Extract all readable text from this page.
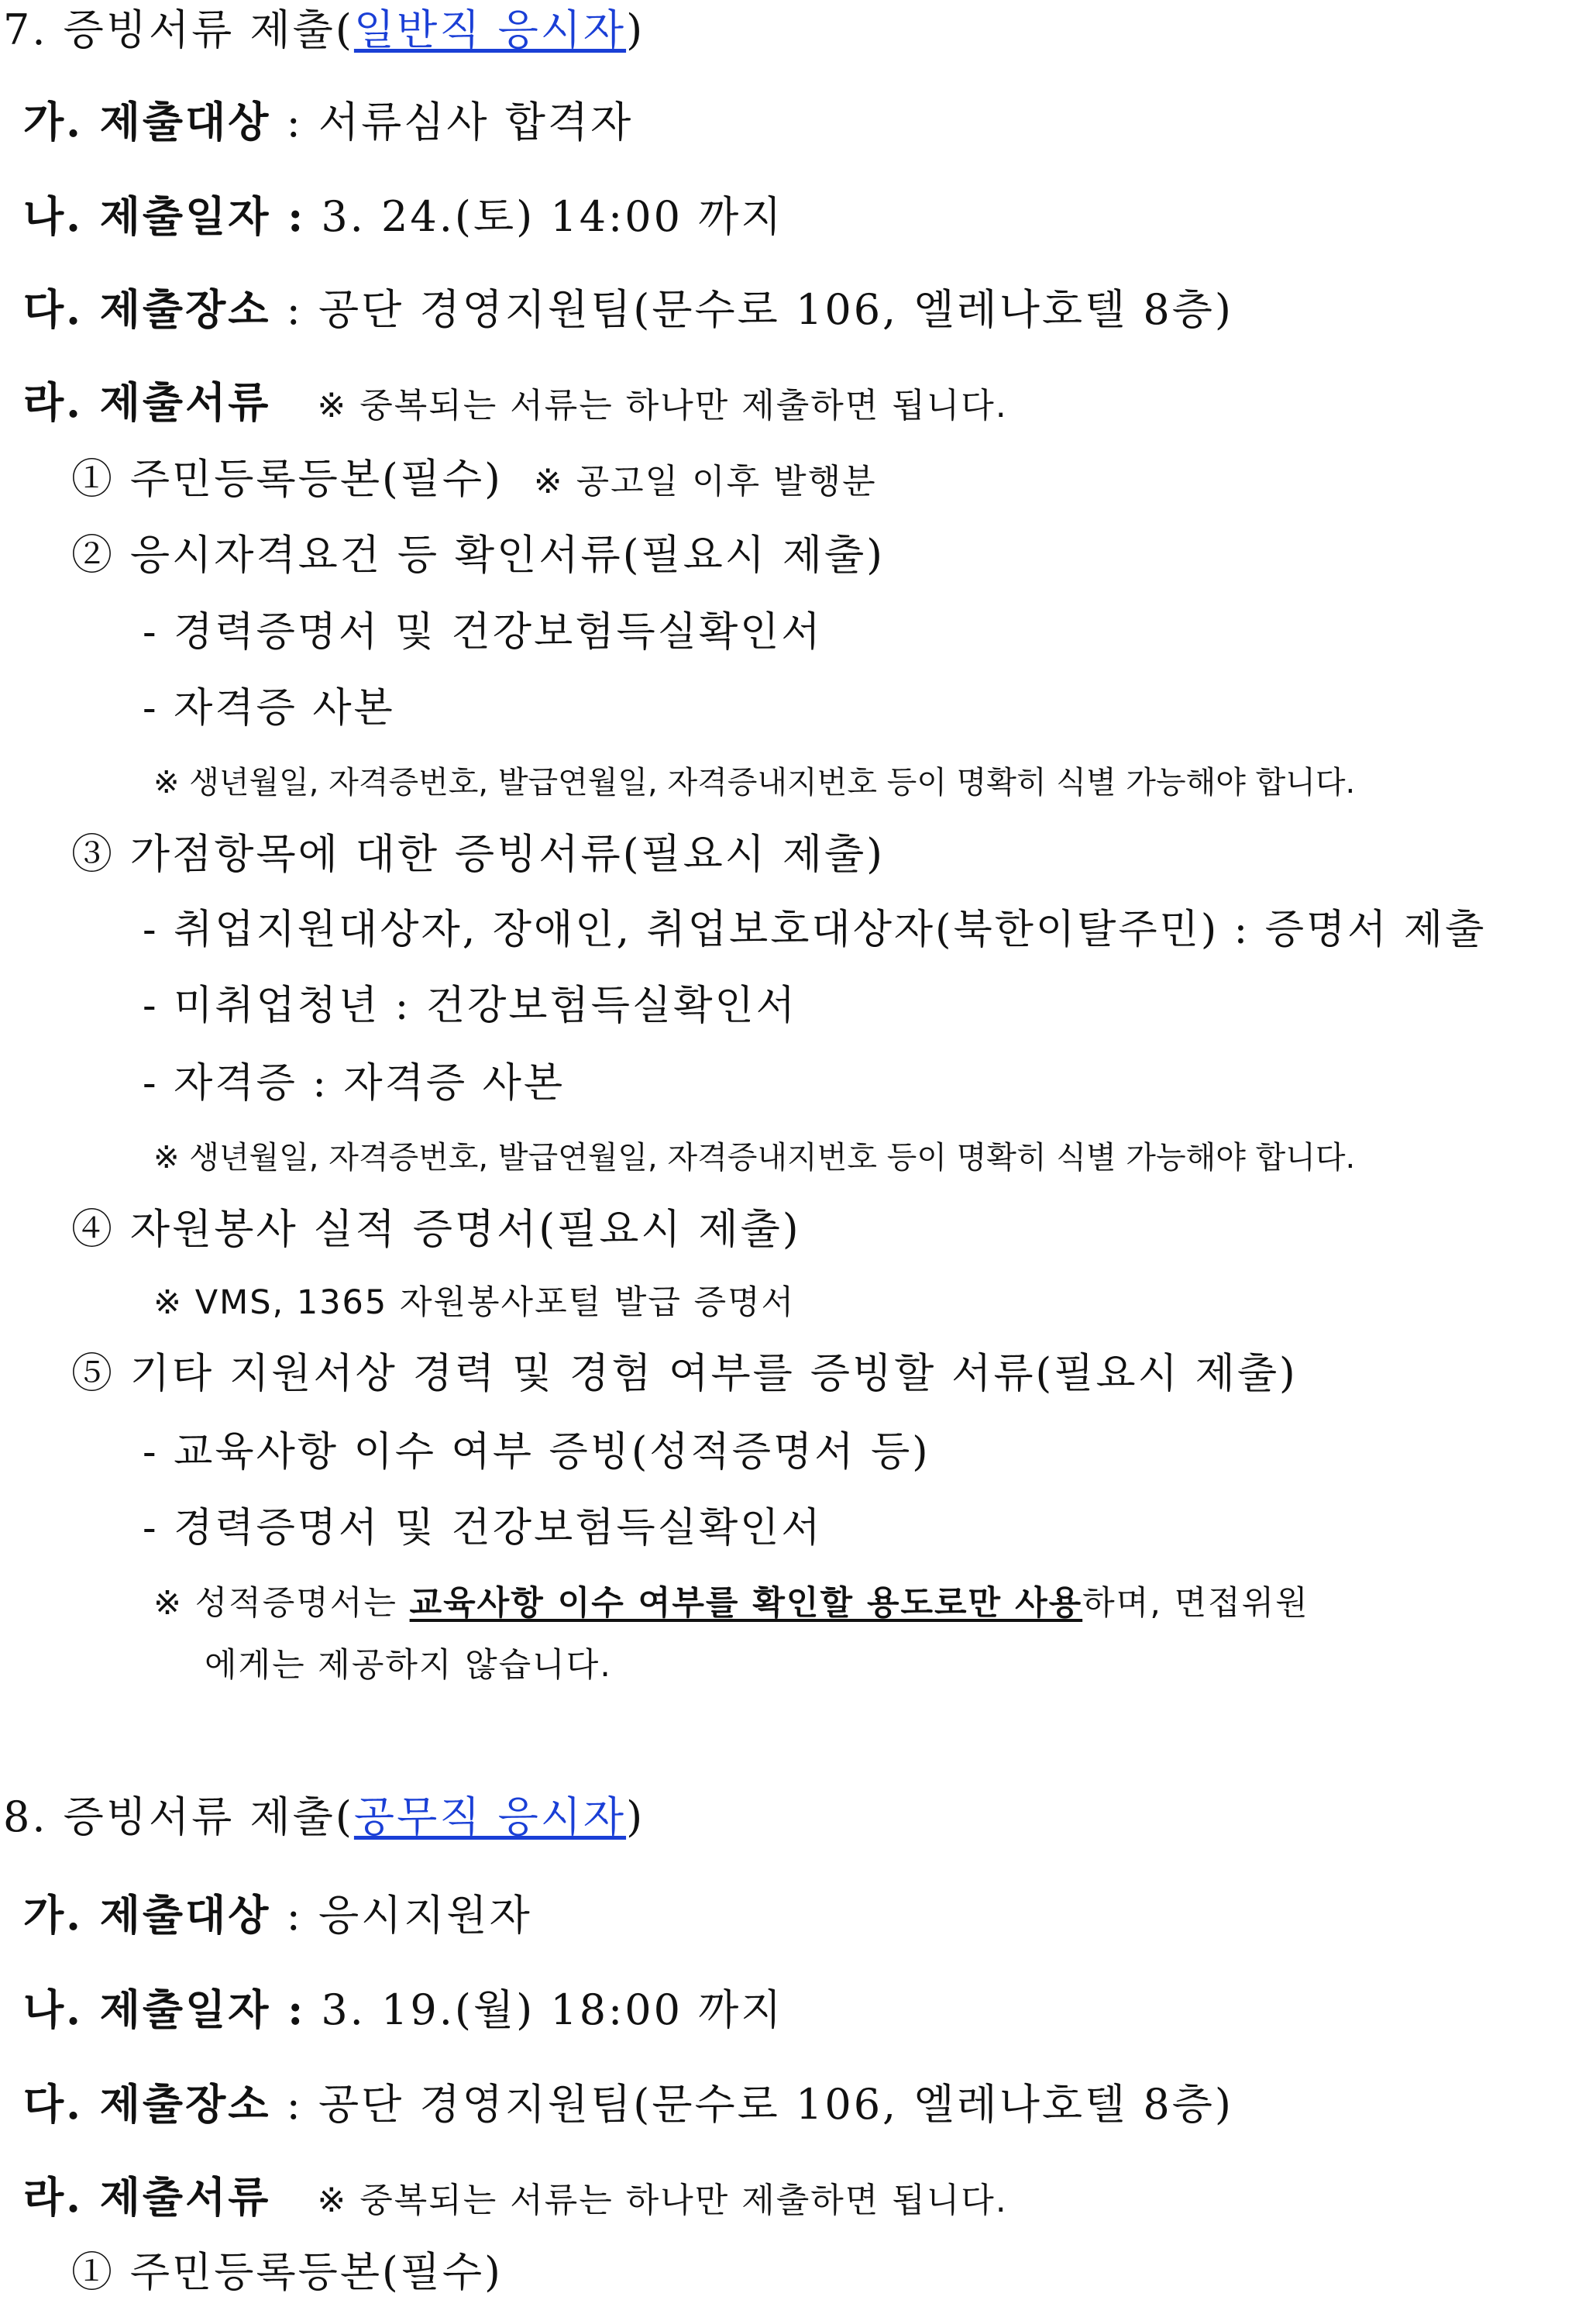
7. 증빙서류 제출(일반직 응시자)
가. 제출대상 : 서류심사 합격자
나. 제출일자 : 3. 24.(토) 14:00 까지
다. 제출장소 : 공단 경영지원팀(문수로 106, 엘레나호텔 8층)
라. 제출서류 ※ 중복되는 서류는 하나만 제출하면 됩니다.
① 주민등록등본(필수) ※ 공고일 이후 발행분
② 응시자격요건 등 확인서류(필요시 제출)
- 경력증명서 및 건강보험득실확인서
- 자격증 사본
※ 생년월일, 자격증번호, 발급연월일, 자격증내지번호 등이 명확히 식별 가능해야 합니다.
③ 가점항목에 대한 증빙서류(필요시 제출)
- 취업지원대상자, 장애인, 취업보호대상자(북한이탈주민) : 증명서 제출
- 미취업청년 : 건강보험득실확인서
- 자격증 : 자격증 사본
※ 생년월일, 자격증번호, 발급연월일, 자격증내지번호 등이 명확히 식별 가능해야 합니다.
④ 자원봉사 실적 증명서(필요시 제출)
※ VMS, 1365 자원봉사포털 발급 증명서
⑤ 기타 지원서상 경력 및 경험 여부를 증빙할 서류(필요시 제출)
- 교육사항 이수 여부 증빙(성적증명서 등)
- 경력증명서 및 건강보험득실확인서
※ 성적증명서는 교육사항 이수 여부를 확인할 용도로만 사용하며, 면접위원
에게는 제공하지 않습니다.
8. 증빙서류 제출(공무직 응시자)
가. 제출대상 : 응시지원자
나. 제출일자 : 3. 19.(월) 18:00 까지
다. 제출장소 : 공단 경영지원팀(문수로 106, 엘레나호텔 8층)
라. 제출서류 ※ 중복되는 서류는 하나만 제출하면 됩니다.
① 주민등록등본(필수)
